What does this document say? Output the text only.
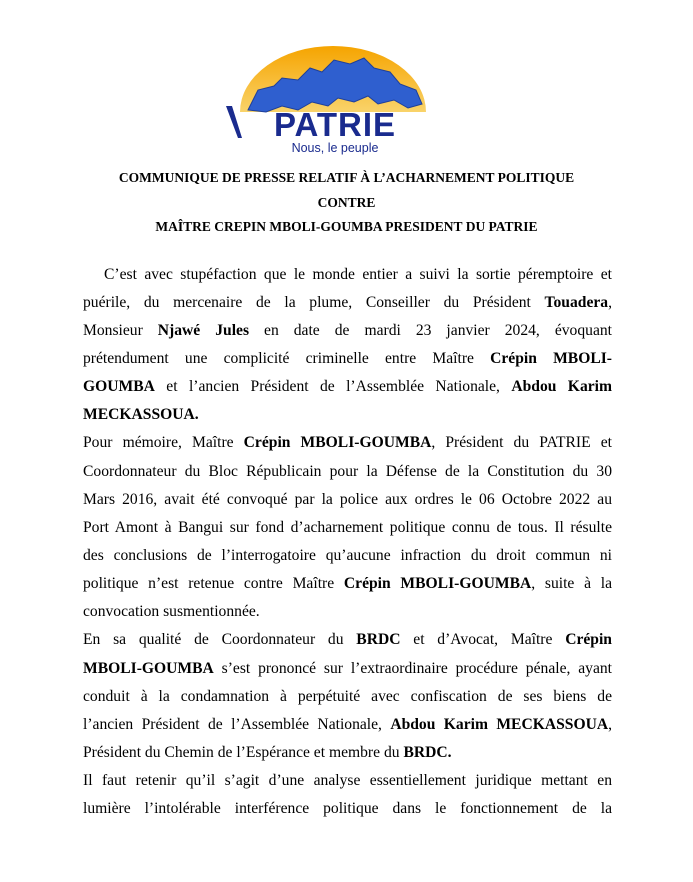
PATRIE
Nous, le peuple
COMMUNIQUE DE PRESSE RELATIF À L’ACHARNEMENT POLITIQUE
CONTRE
MAÎTRE CREPIN MBOLI-GOUMBA PRESIDENT DU PATRIE
C’est avec stupéfaction que le monde entier a suivi la sortie péremptoire et
puérile, du mercenaire de la plume, Conseiller du Président Touadera,
Monsieur Njawé Jules en date de mardi 23 janvier 2024, évoquant
prétendument une complicité criminelle entre Maître Crépin MBOLI-
GOUMBA et l’ancien Président de l’Assemblée Nationale, Abdou Karim
MECKASSOUA.
Pour mémoire, Maître Crépin MBOLI-GOUMBA, Président du PATRIE et
Coordonnateur du Bloc Républicain pour la Défense de la Constitution du 30
Mars 2016, avait été convoqué par la police aux ordres le 06 Octobre 2022 au
Port Amont à Bangui sur fond d’acharnement politique connu de tous. Il résulte
des conclusions de l’interrogatoire qu’aucune infraction du droit commun ni
politique n’est retenue contre Maître Crépin MBOLI-GOUMBA, suite à la
convocation susmentionnée.
En sa qualité de Coordonnateur du BRDC et d’Avocat, Maître Crépin
MBOLI-GOUMBA s’est prononcé sur l’extraordinaire procédure pénale, ayant
conduit à la condamnation à perpétuité avec confiscation de ses biens de
l’ancien Président de l’Assemblée Nationale, Abdou Karim MECKASSOUA,
Président du Chemin de l’Espérance et membre du BRDC.
Il faut retenir qu’il s’agit d’une analyse essentiellement juridique mettant en
lumière l’intolérable interférence politique dans le fonctionnement de la
